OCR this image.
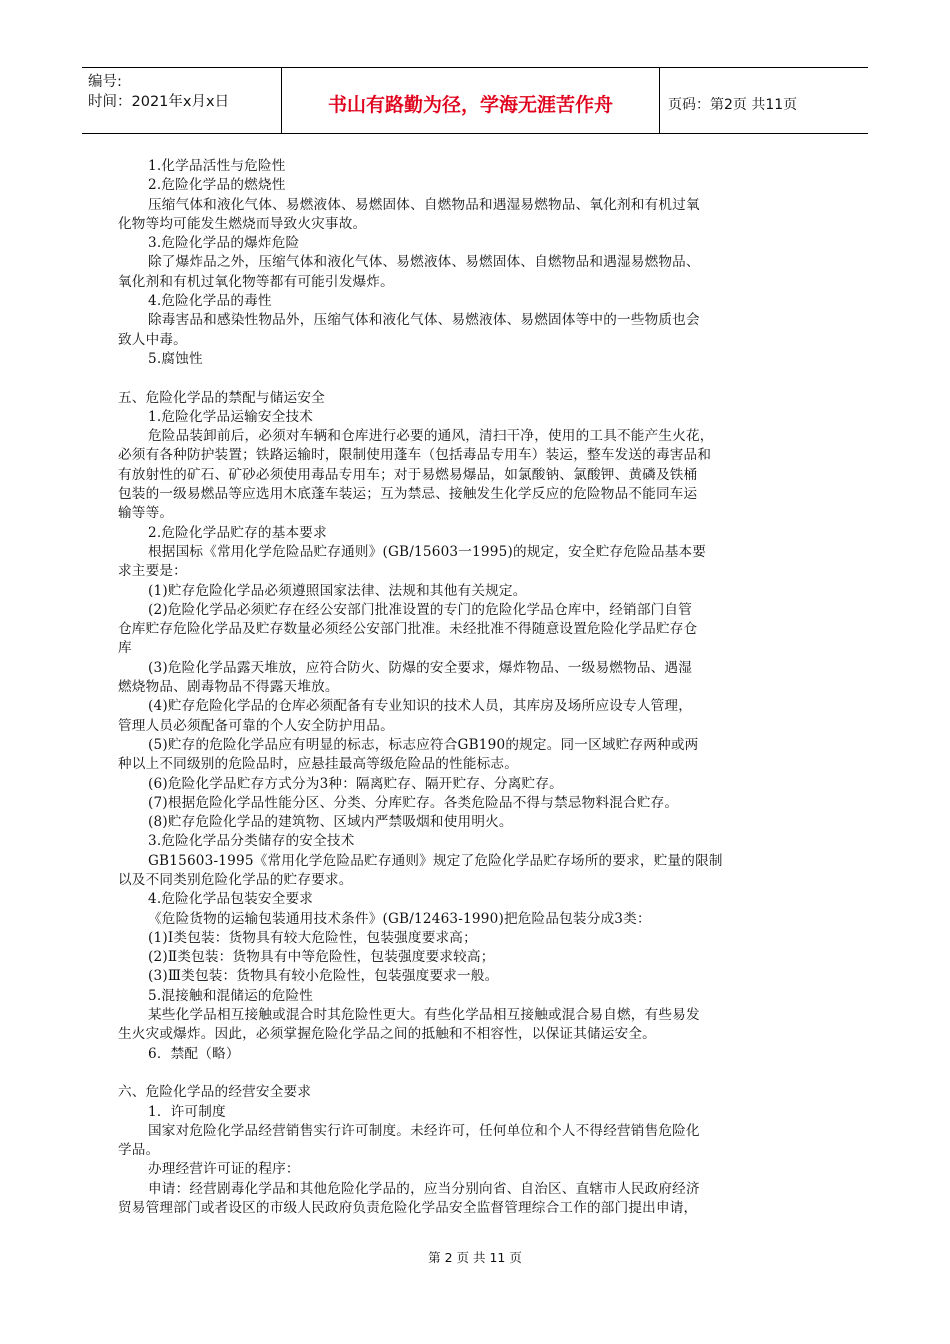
编号:
时间：2021年x月x日	书山有路勤为径，学海无涯苦作舟	页码：第2页 共11页
1.化学品活性与危险性
2.危险化学品的燃烧性
压缩气体和液化气体、易燃液体、易燃固体、自燃物品和遇湿易燃物品、氧化剂和有机过氧
化物等均可能发生燃烧而导致火灾事故。
3.危险化学品的爆炸危险
除了爆炸品之外，压缩气体和液化气体、易燃液体、易燃固体、自燃物品和遇湿易燃物品、
氧化剂和有机过氧化物等都有可能引发爆炸。
4.危险化学品的毒性
除毒害品和感染性物品外，压缩气体和液化气体、易燃液体、易燃固体等中的一些物质也会
致人中毒。
5.腐蚀性
五、危险化学品的禁配与储运安全
1.危险化学品运输安全技术
危险品装卸前后，必须对车辆和仓库进行必要的通风，清扫干净，使用的工具不能产生火花，
必须有各种防护装置；铁路运输时，限制使用蓬车（包括毒品专用车）装运，整车发送的毒害品和
有放射性的矿石、矿砂必须使用毒品专用车；对于易燃易爆品，如氯酸钠、氯酸钾、黄磷及铁桶
包装的一级易燃品等应选用木底蓬车装运；互为禁忌、接触发生化学反应的危险物品不能同车运
输等等。
2.危险化学品贮存的基本要求
根据国标《常用化学危险品贮存通则》(GB/15603一1995)的规定，安全贮存危险品基本要
求主要是：
(1)贮存危险化学品必须遵照国家法律、法规和其他有关规定。
(2)危险化学品必须贮存在经公安部门批准设置的专门的危险化学品仓库中，经销部门自管
仓库贮存危险化学品及贮存数量必须经公安部门批准。未经批准不得随意设置危险化学品贮存仓
库
(3)危险化学品露天堆放，应符合防火、防爆的安全要求，爆炸物品、一级易燃物品、遇湿
燃烧物品、剧毒物品不得露天堆放。
(4)贮存危险化学品的仓库必须配备有专业知识的技术人员，其库房及场所应设专人管理，
管理人员必须配备可靠的个人安全防护用品。
(5)贮存的危险化学品应有明显的标志，标志应符合GB190的规定。同一区域贮存两种或两
种以上不同级别的危险品时，应悬挂最高等级危险品的性能标志。
(6)危险化学品贮存方式分为3种：隔离贮存、隔开贮存、分离贮存。
(7)根据危险化学品性能分区、分类、分库贮存。各类危险品不得与禁忌物料混合贮存。
(8)贮存危险化学品的建筑物、区域内严禁吸烟和使用明火。
3.危险化学品分类储存的安全技术
GB15603-1995《常用化学危险品贮存通则》规定了危险化学品贮存场所的要求，贮量的限制
以及不同类别危险化学品的贮存要求。
4.危险化学品包装安全要求
《危险货物的运输包装通用技术条件》(GB/12463-1990)把危险品包装分成3类：
(1)Ⅰ类包装：货物具有较大危险性，包装强度要求高；
(2)Ⅱ类包装：货物具有中等危险性，包装强度要求较高；
(3)Ⅲ类包装：货物具有较小危险性，包装强度要求一般。
5.混接触和混储运的危险性
某些化学品相互接触或混合时其危险性更大。有些化学品相互接触或混合易自燃，有些易发
生火灾或爆炸。因此，必须掌握危险化学品之间的抵触和不相容性，以保证其储运安全。
6．禁配（略）
六、危险化学品的经营安全要求
1．许可制度
国家对危险化学品经营销售实行许可制度。未经许可，任何单位和个人不得经营销售危险化
学品。
办理经营许可证的程序：
申请：经营剧毒化学品和其他危险化学品的，应当分别向省、自治区、直辖市人民政府经济
贸易管理部门或者设区的市级人民政府负责危险化学品安全监督管理综合工作的部门提出申请，
第 2 页 共 11 页
